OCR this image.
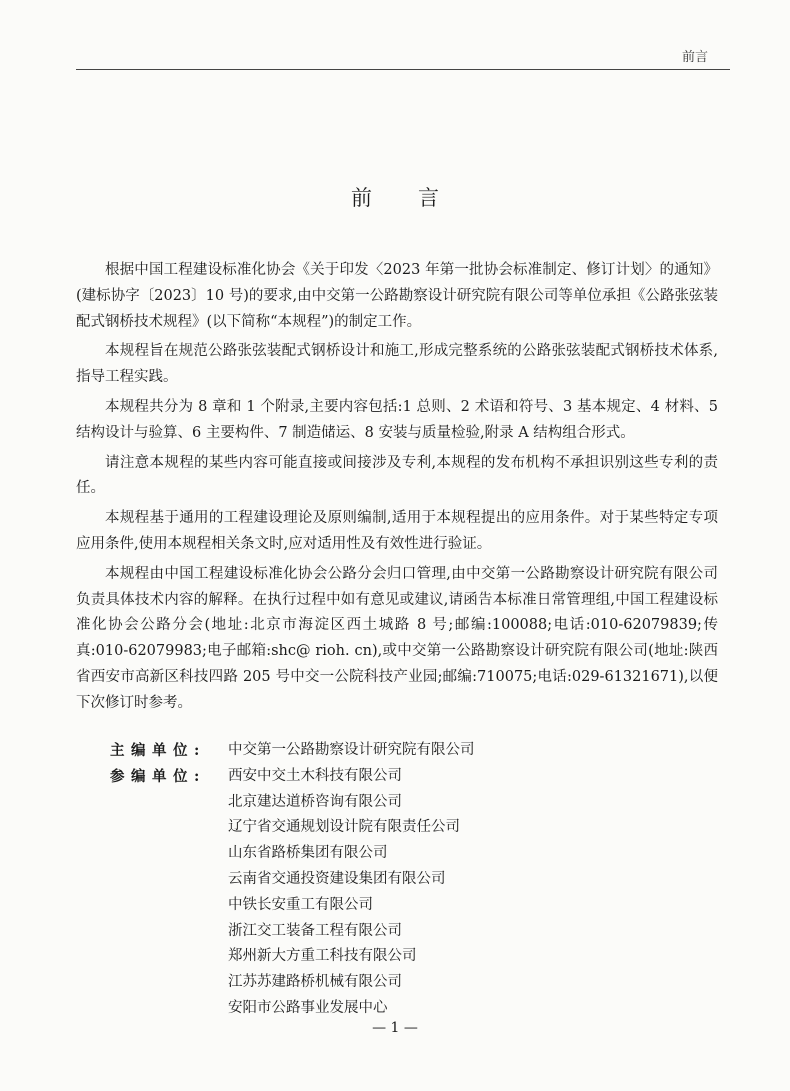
前言
前言

根据中国工程建设标准化协会《关于印发〈2023 年第一批协会标准制定、修订计划〉的通知》(建标协字〔2023〕10 号)的要求,由中交第一公路勘察设计研究院有限公司等单位承担《公路张弦装配式钢桥技术规程》(以下简称“本规程”)的制定工作。

本规程旨在规范公路张弦装配式钢桥设计和施工,形成完整系统的公路张弦装配式钢桥技术体系,指导工程实践。

本规程共分为 8 章和 1 个附录,主要内容包括:1 总则、2 术语和符号、3 基本规定、4 材料、5 结构设计与验算、6 主要构件、7 制造储运、8 安装与质量检验,附录 A 结构组合形式。

请注意本规程的某些内容可能直接或间接涉及专利,本规程的发布机构不承担识别这些专利的责任。

本规程基于通用的工程建设理论及原则编制,适用于本规程提出的应用条件。对于某些特定专项应用条件,使用本规程相关条文时,应对适用性及有效性进行验证。

本规程由中国工程建设标准化协会公路分会归口管理,由中交第一公路勘察设计研究院有限公司负责具体技术内容的解释。在执行过程中如有意见或建议,请函告本标准日常管理组,中国工程建设标准化协会公路分会(地址:北京市海淀区西土城路 8 号;邮编:100088;电话:010-62079839;传真:010-62079983;电子邮箱:shc@ rioh. cn),或中交第一公路勘察设计研究院有限公司(地址:陕西省西安市高新区科技四路 205 号中交一公院科技产业园;邮编:710075;电话:029-61321671),以便下次修订时参考。

主编单位:	中交第一公路勘察设计研究院有限公司
参编单位:	西安中交土木科技有限公司
北京建达道桥咨询有限公司
辽宁省交通规划设计院有限责任公司
山东省路桥集团有限公司
云南省交通投资建设集团有限公司
中铁长安重工有限公司
浙江交工装备工程有限公司
郑州新大方重工科技有限公司
江苏苏建路桥机械有限公司
安阳市公路事业发展中心
— 1 —
